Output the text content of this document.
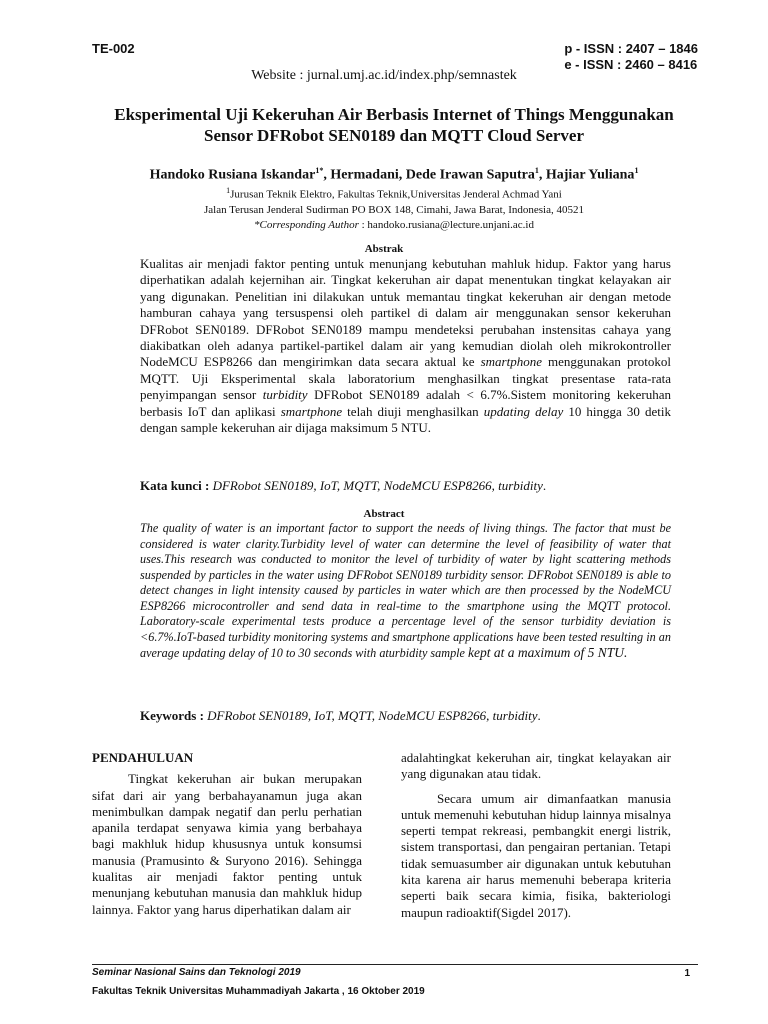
TE-002	p - ISSN : 2407 – 1846
e - ISSN : 2460 – 8416
Website : jurnal.umj.ac.id/index.php/semnastek
Eksperimental Uji Kekeruhan Air Berbasis Internet of Things Menggunakan
Sensor DFRobot SEN0189 dan MQTT Cloud Server
Handoko Rusiana Iskandar$^{1*}$, Hermadani, Dede Irawan Saputra$^1$, Hajiar Yuliana$^1$
$^1$Jurusan Teknik Elektro, Fakultas Teknik,Universitas Jenderal Achmad Yani
Jalan Terusan Jenderal Sudirman PO BOX 148, Cimahi, Jawa Barat, Indonesia, 40521
*Corresponding Author : handoko.rusiana@lecture.unjani.ac.id
Abstrak
Kualitas air menjadi faktor penting untuk menunjang kebutuhan mahluk hidup. Faktor yang harus diperhatikan adalah kejernihan air. Tingkat kekeruhan air dapat menentukan tingkat kelayakan air yang digunakan. Penelitian ini dilakukan untuk memantau tingkat kekeruhan air dengan metode hamburan cahaya yang tersuspensi oleh partikel di dalam air menggunakan sensor kekeruhan DFRobot SEN0189. DFRobot SEN0189 mampu mendeteksi perubahan instensitas cahaya yang diakibatkan oleh adanya partikel-partikel dalam air yang kemudian diolah oleh mikrokontroller NodeMCU ESP8266 dan mengirimkan data secara aktual ke smartphone menggunakan protokol MQTT. Uji Eksperimental skala laboratorium menghasilkan tingkat presentase rata-rata penyimpangan sensor turbidity DFRobot SEN0189 adalah < 6.7%.Sistem monitoring kekeruhan berbasis IoT dan aplikasi smartphone telah diuji menghasilkan updating delay 10 hingga 30 detik dengan sample kekeruhan air dijaga maksimum 5 NTU.
Kata kunci : DFRobot SEN0189, IoT, MQTT, NodeMCU ESP8266, turbidity.
Abstract
The quality of water is an important factor to support the needs of living things. The factor that must be considered is water clarity.Turbidity level of water can determine the level of feasibility of water that uses.This research was conducted to monitor the level of turbidity of water by light scattering methods suspended by particles in the water using DFRobot SEN0189 turbidity sensor. DFRobot SEN0189 is able to detect changes in light intensity caused by particles in water which are then processed by the NodeMCU ESP8266 microcontroller and send data in real-time to the smartphone using the MQTT protocol. Laboratory-scale experimental tests produce a percentage level of the sensor turbidity deviation is <6.7%.IoT-based turbidity monitoring systems and smartphone applications have been tested resulting in an average updating delay of 10 to 30 seconds with aturbidity sample kept at a maximum of 5 NTU.
Keywords : DFRobot SEN0189, IoT, MQTT, NodeMCU ESP8266, turbidity.

PENDAHULUAN

Tingkat kekeruhan air bukan merupakan sifat dari air yang berbahayanamun juga akan menimbulkan dampak negatif dan perlu perhatian apanila terdapat senyawa kimia yang berbahaya bagi makhluk hidup khususnya untuk konsumsi manusia (Pramusinto & Suryono 2016). Sehingga kualitas air menjadi faktor penting untuk menunjang kebutuhan manusia dan mahkluk hidup lainnya. Faktor yang harus diperhatikan dalam air

adalahtingkat kekeruhan air, tingkat kelayakan air yang digunakan atau tidak.

Secara umum air dimanfaatkan manusia untuk memenuhi kebutuhan hidup lainnya misalnya seperti tempat rekreasi, pembangkit energi listrik, sistem transportasi, dan pengairan pertanian. Tetapi tidak semuasumber air digunakan untuk kebutuhan kita karena air harus memenuhi beberapa kriteria seperti baik secara kimia, fisika, bakteriologi maupun radioaktif(Sigdel 2017).

Seminar Nasional Sains dan Teknologi 2019
Fakultas Teknik Universitas Muhammadiyah Jakarta , 16 Oktober 2019
1
